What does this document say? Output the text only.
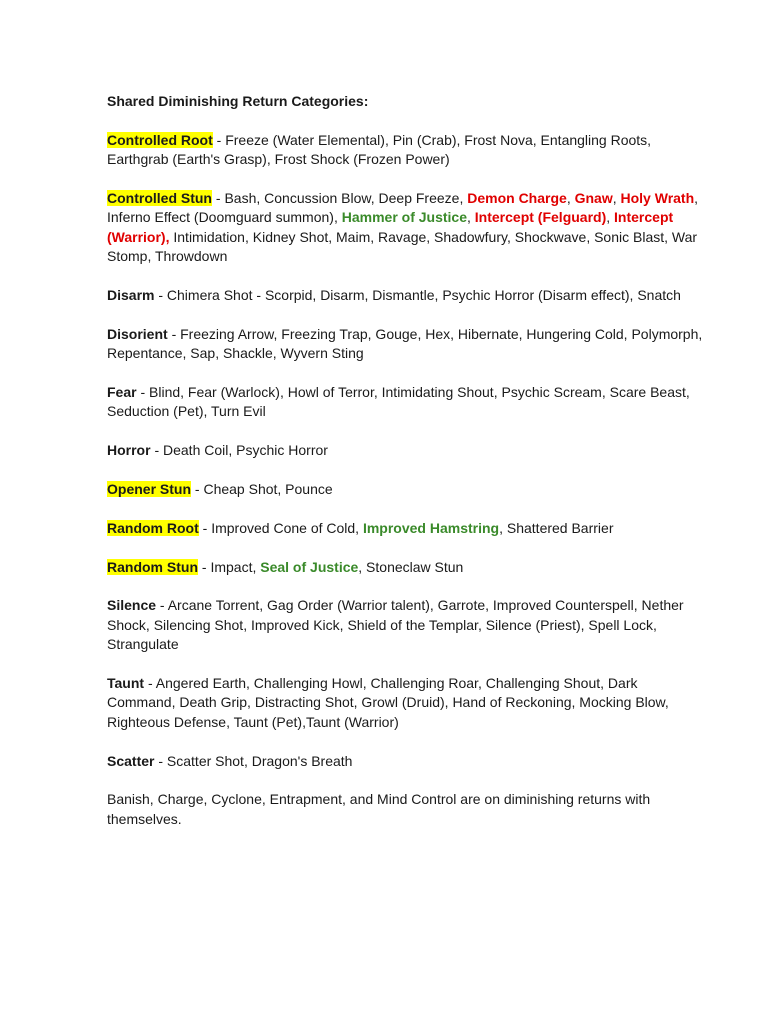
Shared Diminishing Return Categories:
Controlled Root - Freeze (Water Elemental), Pin (Crab), Frost Nova, Entangling Roots, Earthgrab (Earth's Grasp), Frost Shock (Frozen Power)
Controlled Stun - Bash, Concussion Blow, Deep Freeze, Demon Charge, Gnaw, Holy Wrath, Inferno Effect (Doomguard summon), Hammer of Justice, Intercept (Felguard), Intercept (Warrior), Intimidation, Kidney Shot, Maim, Ravage, Shadowfury, Shockwave, Sonic Blast, War Stomp, Throwdown
Disarm - Chimera Shot - Scorpid, Disarm, Dismantle, Psychic Horror (Disarm effect), Snatch
Disorient - Freezing Arrow, Freezing Trap, Gouge, Hex, Hibernate, Hungering Cold, Polymorph, Repentance, Sap, Shackle, Wyvern Sting
Fear - Blind, Fear (Warlock), Howl of Terror, Intimidating Shout, Psychic Scream, Scare Beast, Seduction (Pet), Turn Evil
Horror - Death Coil, Psychic Horror
Opener Stun - Cheap Shot, Pounce
Random Root - Improved Cone of Cold, Improved Hamstring, Shattered Barrier
Random Stun - Impact, Seal of Justice, Stoneclaw Stun
Silence - Arcane Torrent, Gag Order (Warrior talent), Garrote, Improved Counterspell, Nether Shock, Silencing Shot, Improved Kick, Shield of the Templar, Silence (Priest), Spell Lock, Strangulate
Taunt - Angered Earth, Challenging Howl, Challenging Roar, Challenging Shout, Dark Command, Death Grip, Distracting Shot, Growl (Druid), Hand of Reckoning, Mocking Blow, Righteous Defense, Taunt (Pet),Taunt (Warrior)
Scatter - Scatter Shot, Dragon's Breath
Banish, Charge, Cyclone, Entrapment, and Mind Control are on diminishing returns with themselves.
